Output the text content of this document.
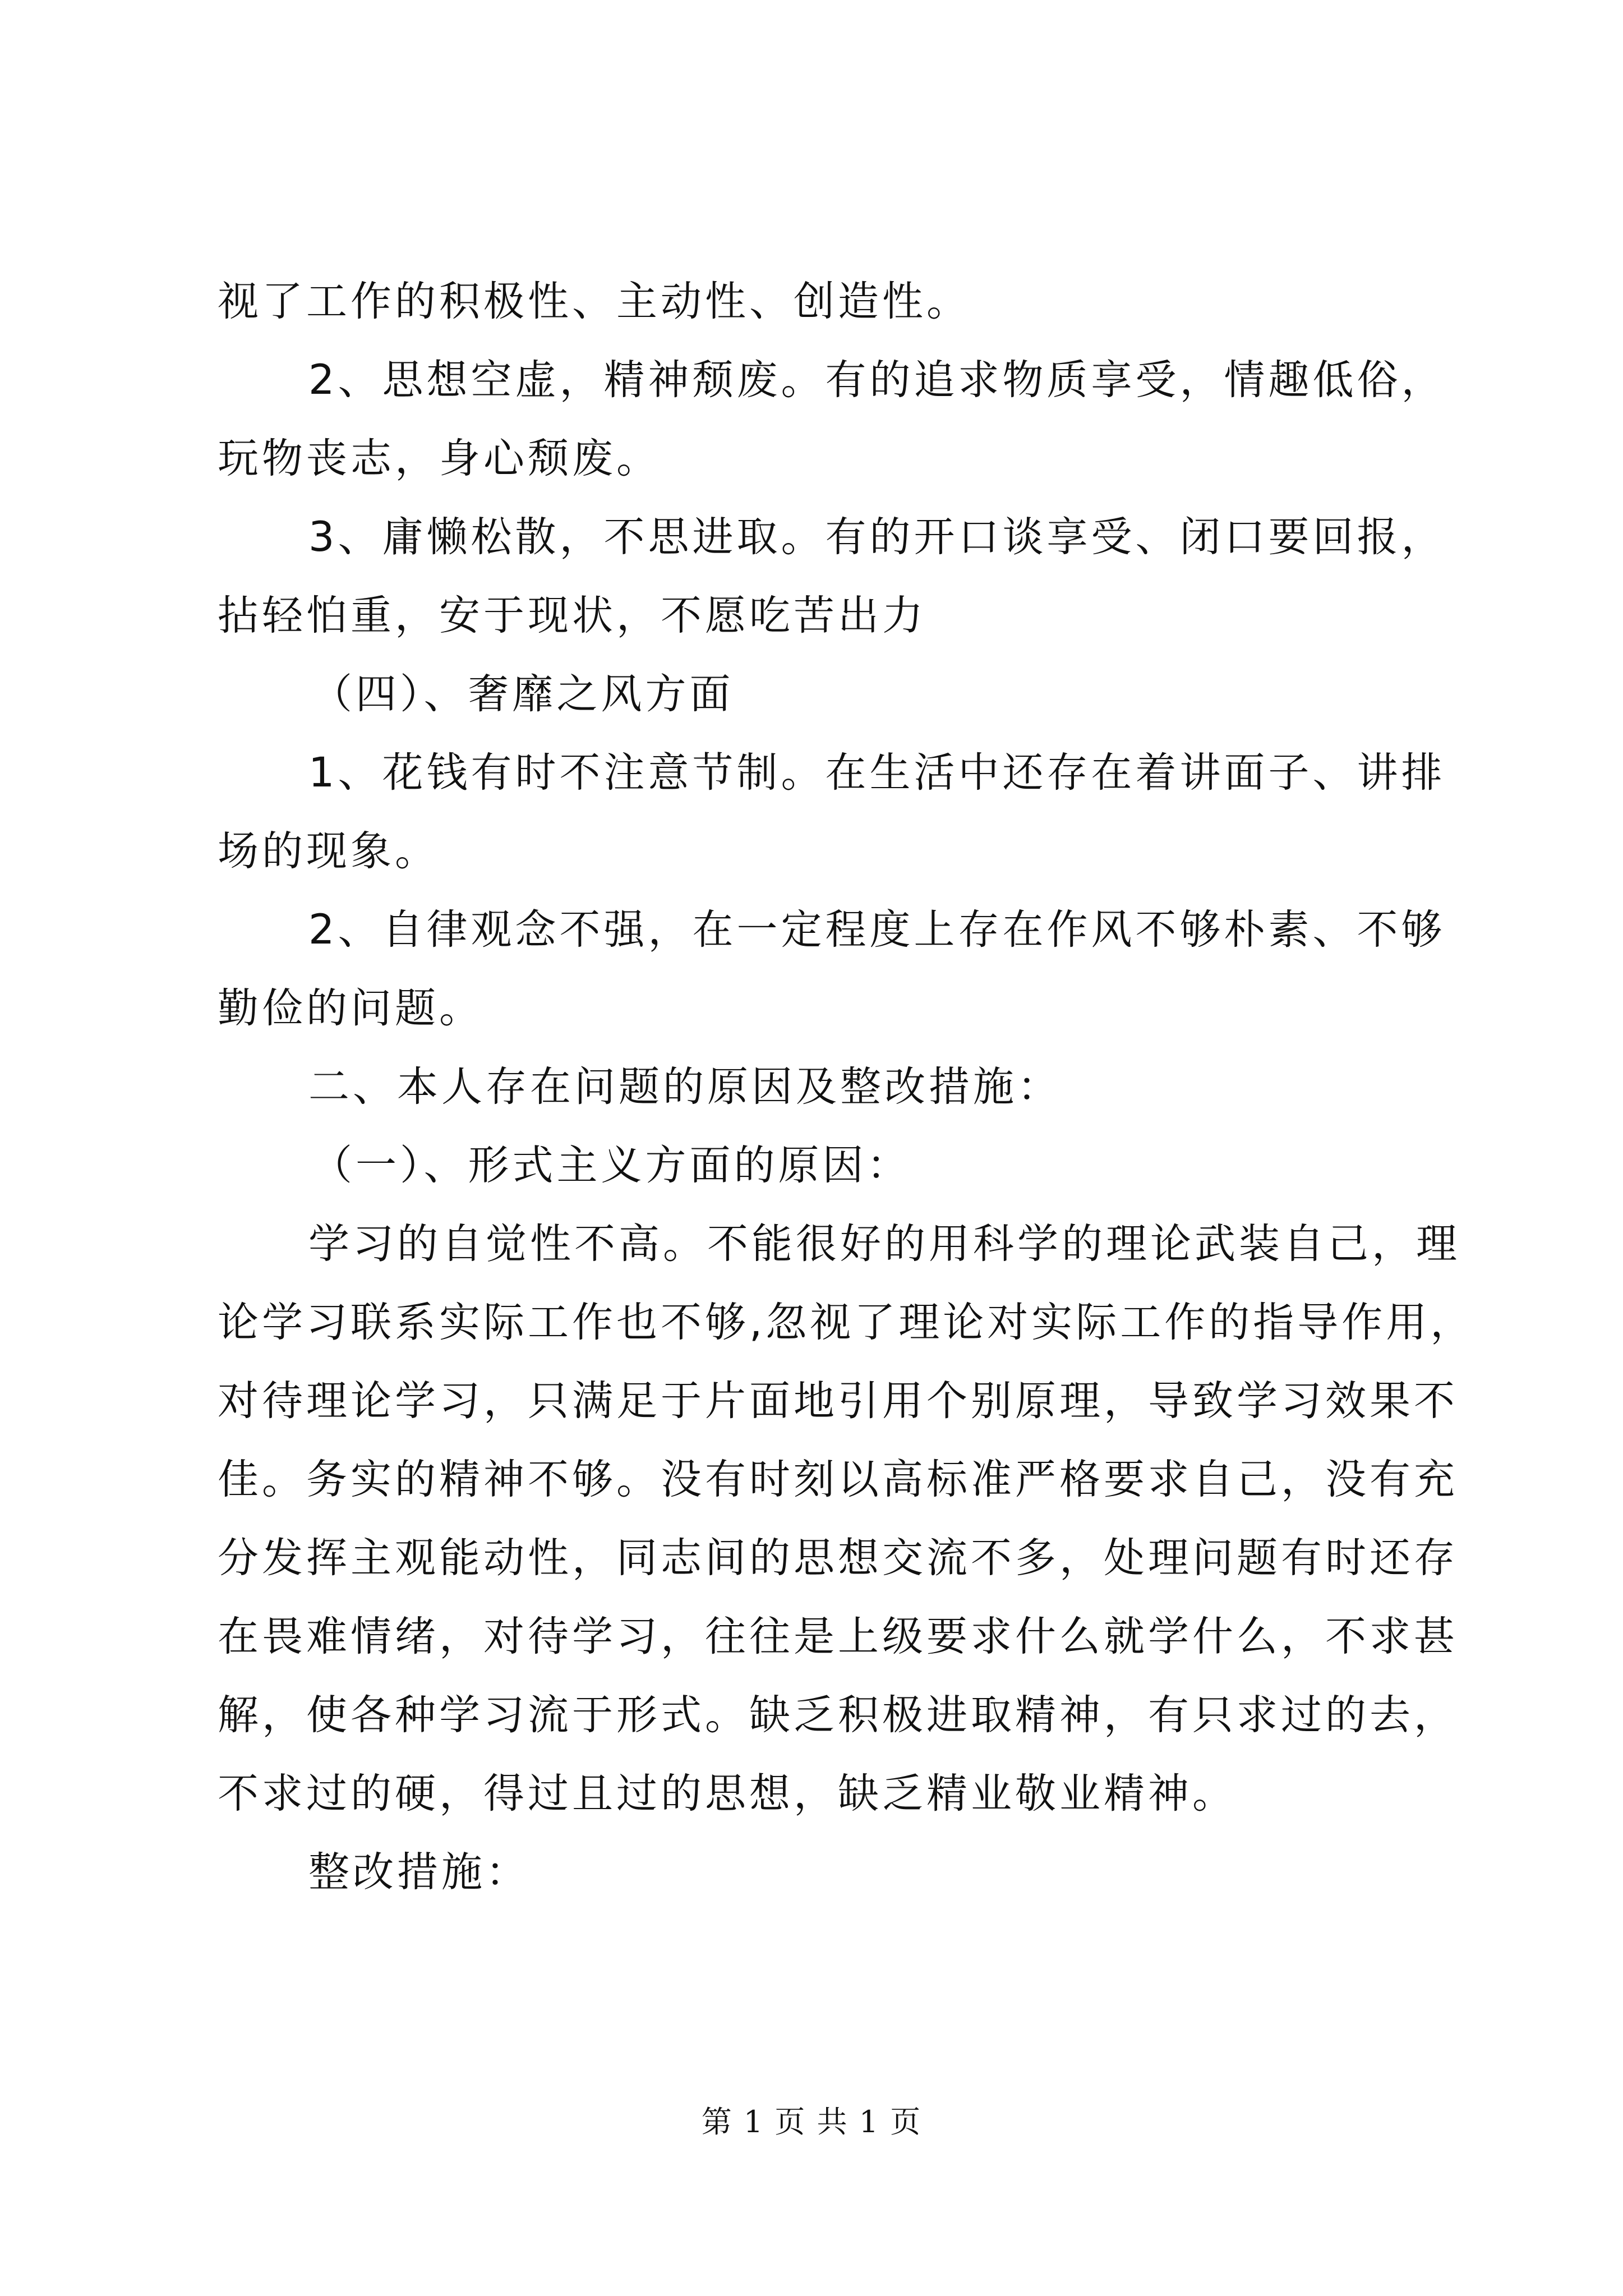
视了工作的积极性、主动性、创造性。

2、思想空虚，精神颓废。有的追求物质享受，情趣低俗，

玩物丧志，身心颓废。

3、庸懒松散，不思进取。有的开口谈享受、闭口要回报，

拈轻怕重，安于现状，不愿吃苦出力

（四）、奢靡之风方面

1、花钱有时不注意节制。在生活中还存在着讲面子、讲排

场的现象。

2、自律观念不强，在一定程度上存在作风不够朴素、不够

勤俭的问题。

二、本人存在问题的原因及整改措施：

（一）、形式主义方面的原因：

学习的自觉性不高。不能很好的用科学的理论武装自己，理

论学习联系实际工作也不够,忽视了理论对实际工作的指导作用，

对待理论学习，只满足于片面地引用个别原理，导致学习效果不

佳。务实的精神不够。没有时刻以高标准严格要求自己，没有充

分发挥主观能动性，同志间的思想交流不多，处理问题有时还存

在畏难情绪，对待学习，往往是上级要求什么就学什么，不求甚

解，使各种学习流于形式。缺乏积极进取精神，有只求过的去，

不求过的硬，得过且过的思想，缺乏精业敬业精神。

整改措施：

第 1 页 共 1 页
